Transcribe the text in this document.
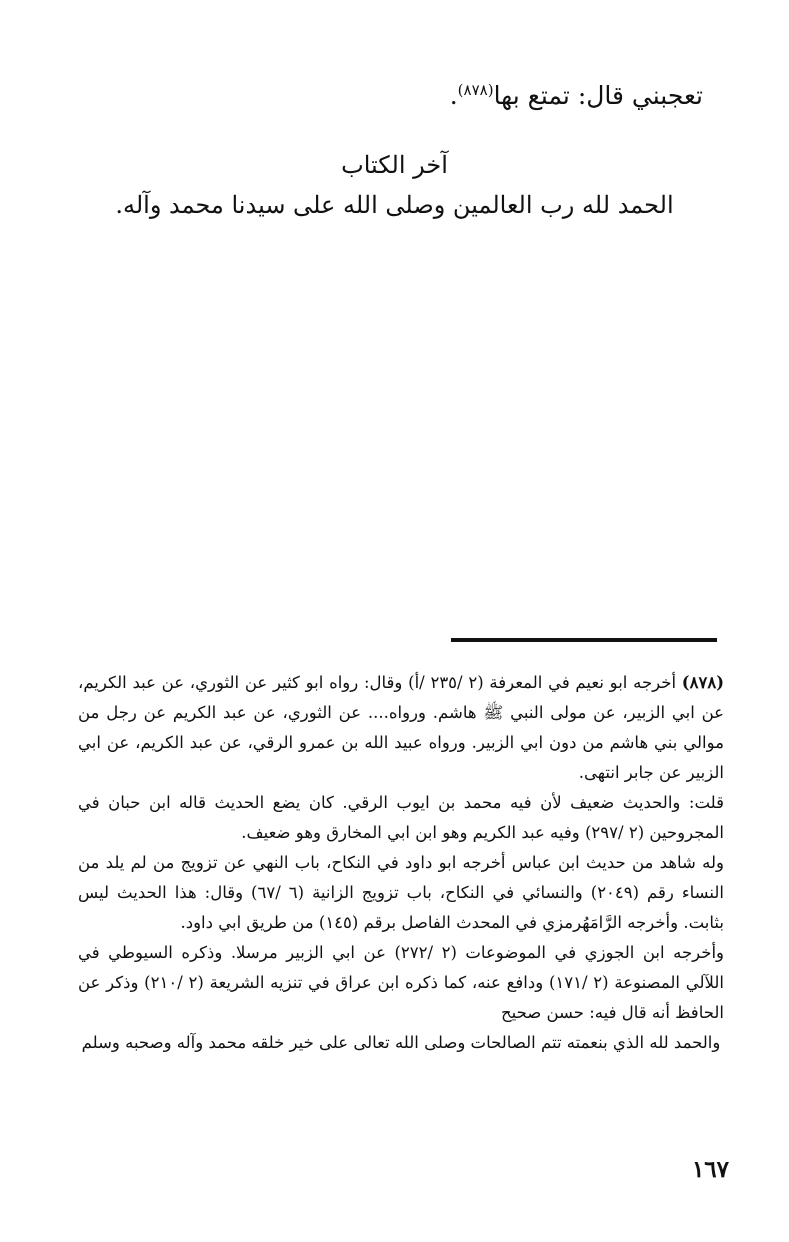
تعجبني قال: تمتع بها$^{(٨٧٨)}$.
آخر الكتاب
الحمد لله رب العالمين وصلى الله على سيدنا محمد وآله.

(٨٧٨) أخرجه ابو نعيم في المعرفة (٢ /٢٣٥ /أ) وقال: رواه ابو كثير عن الثوري، عن عبد الكريم، عن ابي الزبير، عن مولى النبي ﷺ هاشم. ورواه.... عن الثوري، عن عبد الكريم عن رجل من موالي بني هاشم من دون ابي الزبير. ورواه عبيد الله بن عمرو الرقي، عن عبد الكريم، عن ابي الزبير عن جابر انتهى.

قلت: والحديث ضعيف لأن فيه محمد بن ايوب الرقي. كان يضع الحديث قاله ابن حبان في المجروحين (٢ /٢٩٧) وفيه عبد الكريم وهو ابن ابي المخارق وهو ضعيف.

وله شاهد من حديث ابن عباس أخرجه ابو داود في النكاح، باب النهي عن تزويج من لم يلد من النساء رقم (٢٠٤٩) والنسائي في النكاح، باب تزويج الزانية (٦ /٦٧) وقال: هذا الحديث ليس بثابت. وأخرجه الرَّامَهُرمزي في المحدث الفاصل برقم (١٤٥) من طريق ابي داود.

وأخرجه ابن الجوزي في الموضوعات (٢ /٢٧٢) عن ابي الزبير مرسلا. وذكره السيوطي في اللآلي المصنوعة (٢ /١٧١) ودافع عنه، كما ذكره ابن عراق في تنزيه الشريعة (٢ /٢١٠) وذكر عن الحافظ أنه قال فيه: حسن صحيح

والحمد لله الذي بنعمته تتم الصالحات وصلى الله تعالى على خير خلقه محمد وآله وصحبه وسلم

١٦٧
